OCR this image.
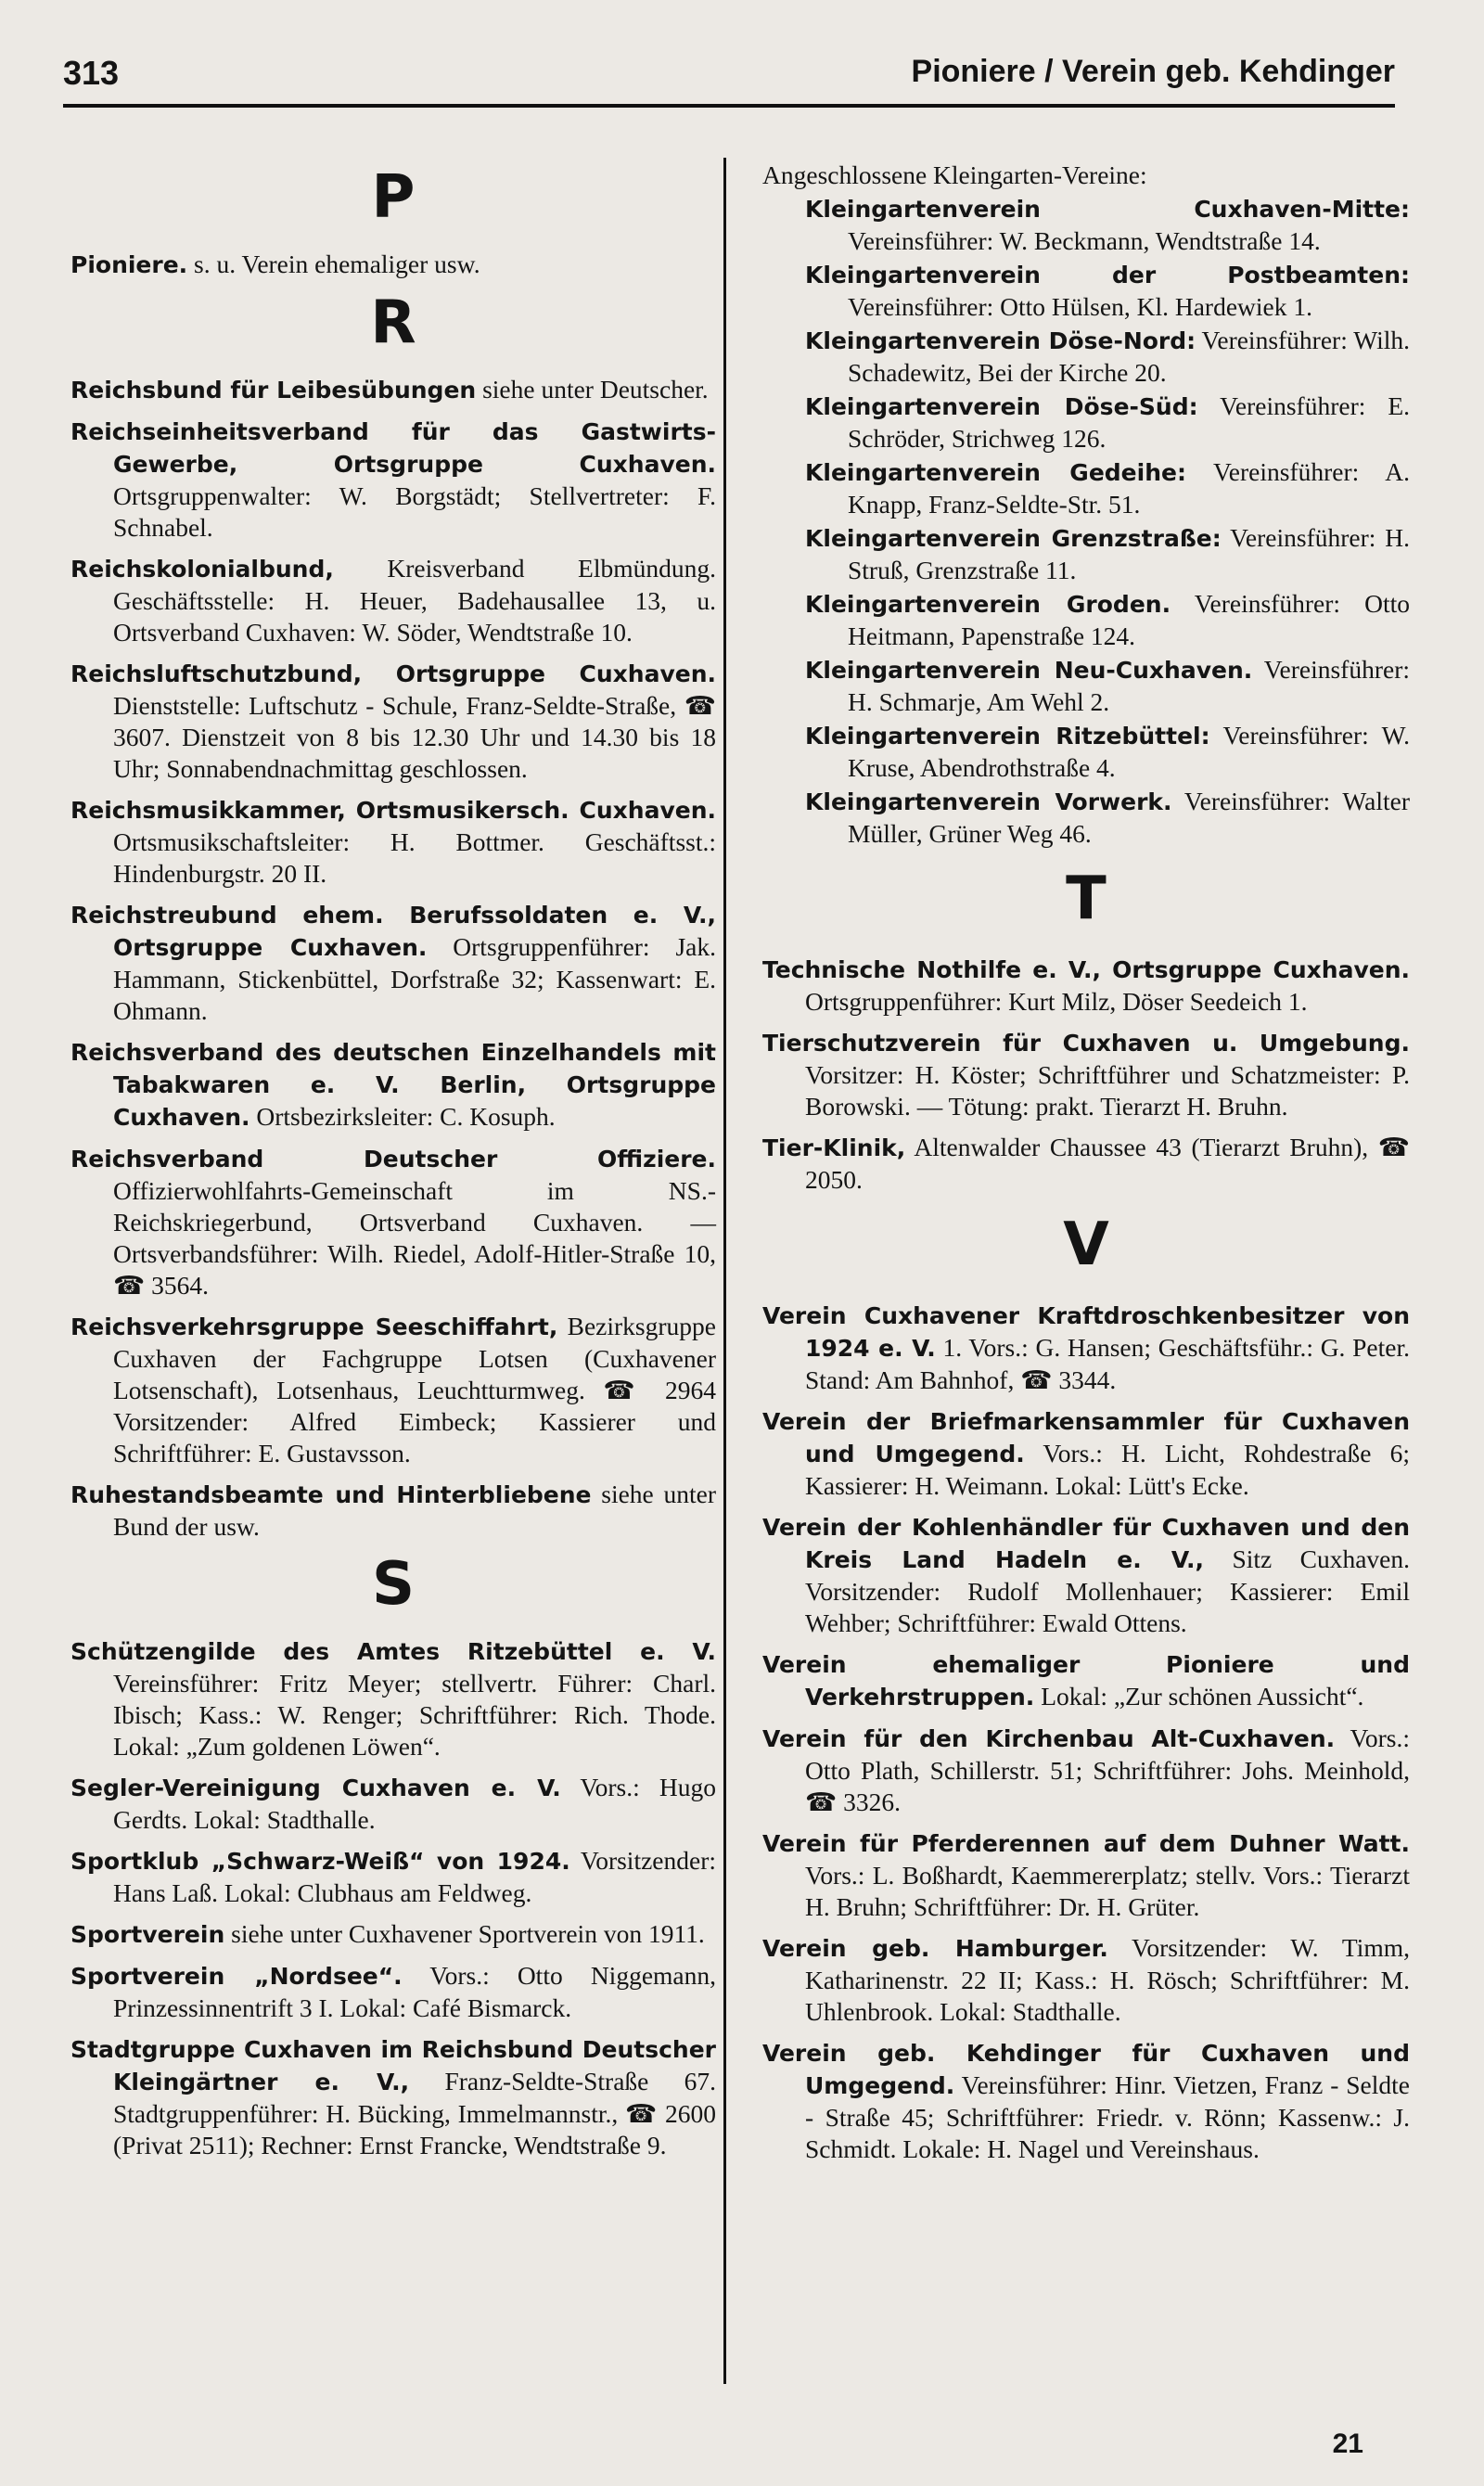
313	Pioniere / Verein geb. Kehdinger
P
Pioniere. s. u. Verein ehemaliger usw.
R
Reichsbund für Leibesübungen siehe unter Deutscher.
Reichseinheitsverband für das Gastwirts-Gewerbe, Ortsgruppe Cuxhaven. Ortsgruppenwalter: W. Borgstädt; Stellvertreter: F. Schnabel.
Reichskolonialbund, Kreisverband Elbmündung. Geschäftsstelle: H. Heuer, Badehausallee 13, u. Ortsverband Cuxhaven: W. Söder, Wendtstraße 10.
Reichsluftschutzbund, Ortsgruppe Cuxhaven. Dienststelle: Luftschutz - Schule, Franz-Seldte-Straße, ☎ 3607. Dienstzeit von 8 bis 12.30 Uhr und 14.30 bis 18 Uhr; Sonnabendnachmittag geschlossen.
Reichsmusikkammer, Ortsmusikersch. Cuxhaven. Ortsmusikschaftsleiter: H. Bottmer. Geschäftsst.: Hindenburgstr. 20 II.
Reichstreubund ehem. Berufssoldaten e. V., Ortsgruppe Cuxhaven. Ortsgruppenführer: Jak. Hammann, Stickenbüttel, Dorfstraße 32; Kassenwart: E. Ohmann.
Reichsverband des deutschen Einzelhandels mit Tabakwaren e. V. Berlin, Ortsgruppe Cuxhaven. Ortsbezirksleiter: C. Kosuph.
Reichsverband Deutscher Offiziere. Offizierwohlfahrts-Gemeinschaft im NS.-Reichskriegerbund, Ortsverband Cuxhaven. — Ortsverbandsführer: Wilh. Riedel, Adolf-Hitler-Straße 10, ☎ 3564.
Reichsverkehrsgruppe Seeschiffahrt, Bezirksgruppe Cuxhaven der Fachgruppe Lotsen (Cuxhavener Lotsenschaft), Lotsenhaus, Leuchtturmweg. ☎ 2964 Vorsitzender: Alfred Eimbeck; Kassierer und Schriftführer: E. Gustavsson.
Ruhestandsbeamte und Hinterbliebene siehe unter Bund der usw.
S
Schützengilde des Amtes Ritzebüttel e. V. Vereinsführer: Fritz Meyer; stellvertr. Führer: Charl. Ibisch; Kass.: W. Renger; Schriftführer: Rich. Thode. Lokal: „Zum goldenen Löwen“.
Segler-Vereinigung Cuxhaven e. V. Vors.: Hugo Gerdts. Lokal: Stadthalle.
Sportklub „Schwarz-Weiß“ von 1924. Vorsitzender: Hans Laß. Lokal: Clubhaus am Feldweg.
Sportverein siehe unter Cuxhavener Sportverein von 1911.
Sportverein „Nordsee“. Vors.: Otto Niggemann, Prinzessinnentrift 3 I. Lokal: Café Bismarck.
Stadtgruppe Cuxhaven im Reichsbund Deutscher Kleingärtner e. V., Franz-Seldte-Straße 67. Stadtgruppenführer: H. Bücking, Immelmannstr., ☎ 2600 (Privat 2511); Rechner: Ernst Francke, Wendtstraße 9.
Angeschlossene Kleingarten-Vereine:
Kleingartenverein Cuxhaven-Mitte: Vereinsführer: W. Beckmann, Wendtstraße 14.
Kleingartenverein der Postbeamten: Vereinsführer: Otto Hülsen, Kl. Hardewiek 1.
Kleingartenverein Döse-Nord: Vereinsführer: Wilh. Schadewitz, Bei der Kirche 20.
Kleingartenverein Döse-Süd: Vereinsführer: E. Schröder, Strichweg 126.
Kleingartenverein Gedeihe: Vereinsführer: A. Knapp, Franz-Seldte-Str. 51.
Kleingartenverein Grenzstraße: Vereinsführer: H. Struß, Grenzstraße 11.
Kleingartenverein Groden. Vereinsführer: Otto Heitmann, Papenstraße 124.
Kleingartenverein Neu-Cuxhaven. Vereinsführer: H. Schmarje, Am Wehl 2.
Kleingartenverein Ritzebüttel: Vereinsführer: W. Kruse, Abendrothstraße 4.
Kleingartenverein Vorwerk. Vereinsführer: Walter Müller, Grüner Weg 46.
T
Technische Nothilfe e. V., Ortsgruppe Cuxhaven. Ortsgruppenführer: Kurt Milz, Döser Seedeich 1.
Tierschutzverein für Cuxhaven u. Umgebung. Vorsitzer: H. Köster; Schriftführer und Schatzmeister: P. Borowski. — Tötung: prakt. Tierarzt H. Bruhn.
Tier-Klinik, Altenwalder Chaussee 43 (Tierarzt Bruhn), ☎ 2050.
V
Verein Cuxhavener Kraftdroschkenbesitzer von 1924 e. V. 1. Vors.: G. Hansen; Geschäftsführ.: G. Peter. Stand: Am Bahnhof, ☎ 3344.
Verein der Briefmarkensammler für Cuxhaven und Umgegend. Vors.: H. Licht, Rohdestraße 6; Kassierer: H. Weimann. Lokal: Lütt's Ecke.
Verein der Kohlenhändler für Cuxhaven und den Kreis Land Hadeln e. V., Sitz Cuxhaven. Vorsitzender: Rudolf Mollenhauer; Kassierer: Emil Wehber; Schriftführer: Ewald Ottens.
Verein ehemaliger Pioniere und Verkehrstruppen. Lokal: „Zur schönen Aussicht“.
Verein für den Kirchenbau Alt-Cuxhaven. Vors.: Otto Plath, Schillerstr. 51; Schriftführer: Johs. Meinhold, ☎ 3326.
Verein für Pferderennen auf dem Duhner Watt. Vors.: L. Boßhardt, Kaemmererplatz; stellv. Vors.: Tierarzt H. Bruhn; Schriftführer: Dr. H. Grüter.
Verein geb. Hamburger. Vorsitzender: W. Timm, Katharinenstr. 22 II; Kass.: H. Rösch; Schriftführer: M. Uhlenbrook. Lokal: Stadthalle.
Verein geb. Kehdinger für Cuxhaven und Umgegend. Vereinsführer: Hinr. Vietzen, Franz - Seldte - Straße 45; Schriftführer: Friedr. v. Rönn; Kassenw.: J. Schmidt. Lokale: H. Nagel und Vereinshaus.
21
